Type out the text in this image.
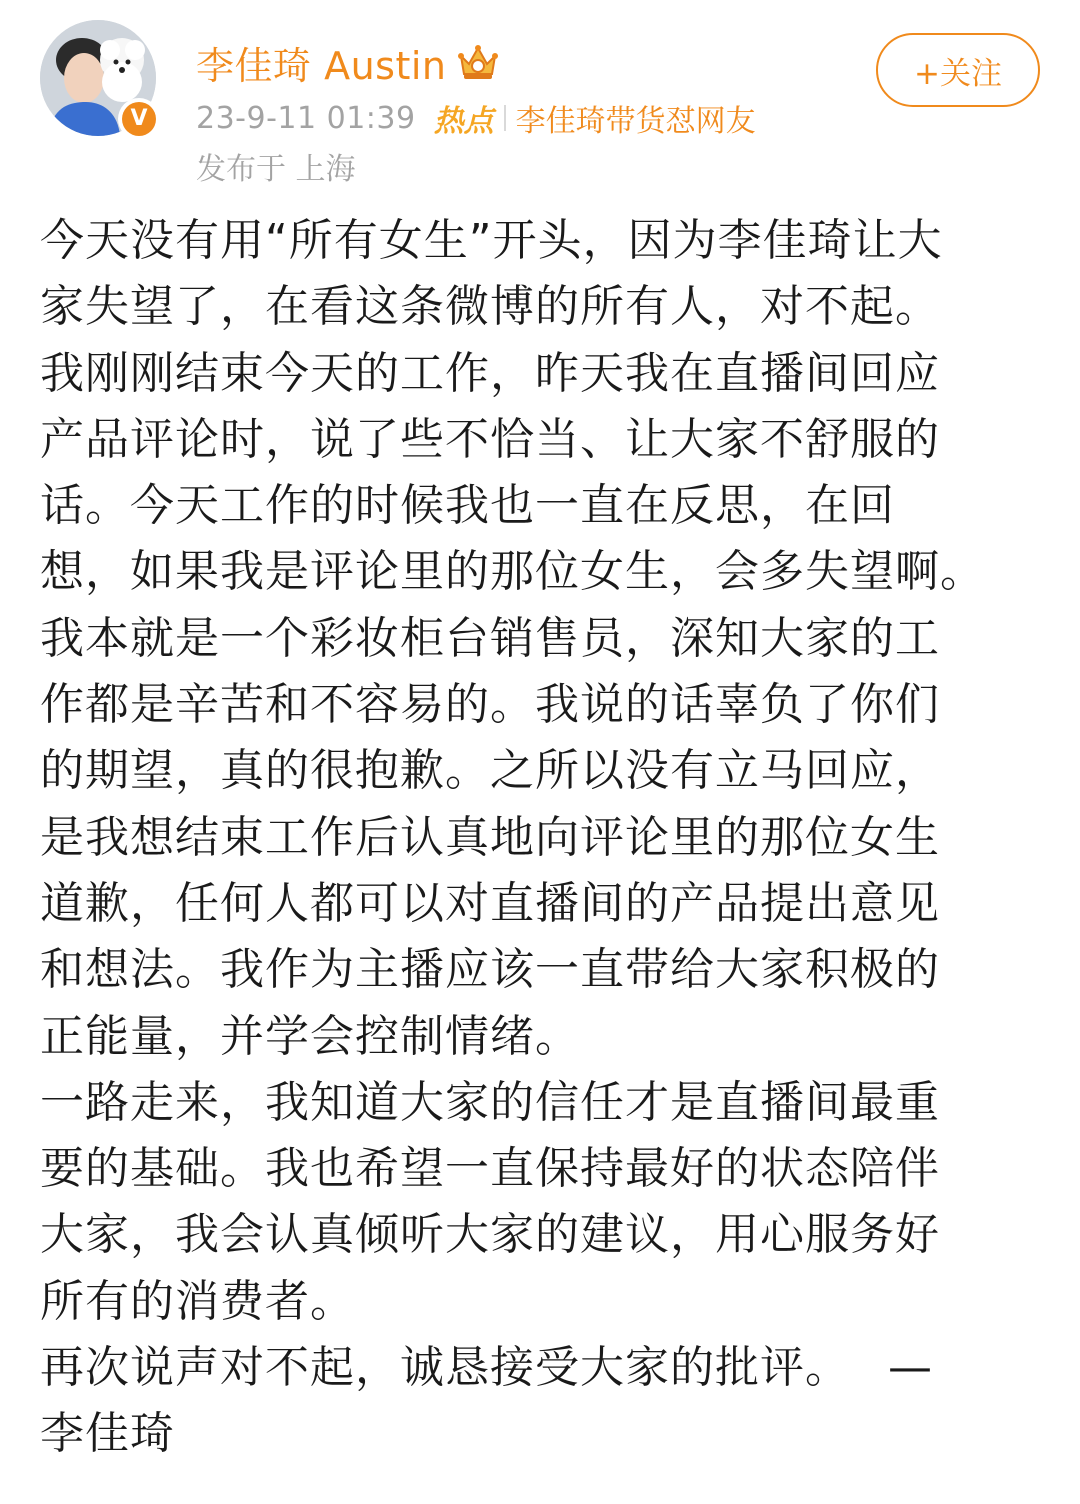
V
李佳琦 Austin
23-9-11 01:39 热点 李佳琦带货怼网友
发布于 上海
+关注
今天没有用“所有女生”开头，因为李佳琦让大
家失望了，在看这条微博的所有人，对不起。
我刚刚结束今天的工作，昨天我在直播间回应
产品评论时，说了些不恰当、让大家不舒服的
话。今天工作的时候我也一直在反思，在回
想，如果我是评论里的那位女生，会多失望啊。
我本就是一个彩妆柜台销售员，深知大家的工
作都是辛苦和不容易的。我说的话辜负了你们
的期望，真的很抱歉。之所以没有立马回应，
是我想结束工作后认真地向评论里的那位女生
道歉，任何人都可以对直播间的产品提出意见
和想法。我作为主播应该一直带给大家积极的
正能量，并学会控制情绪。
一路走来，我知道大家的信任才是直播间最重
要的基础。我也希望一直保持最好的状态陪伴
大家，我会认真倾听大家的建议，用心服务好
所有的消费者。
再次说声对不起，诚恳接受大家的批评。　 —
李佳琦
